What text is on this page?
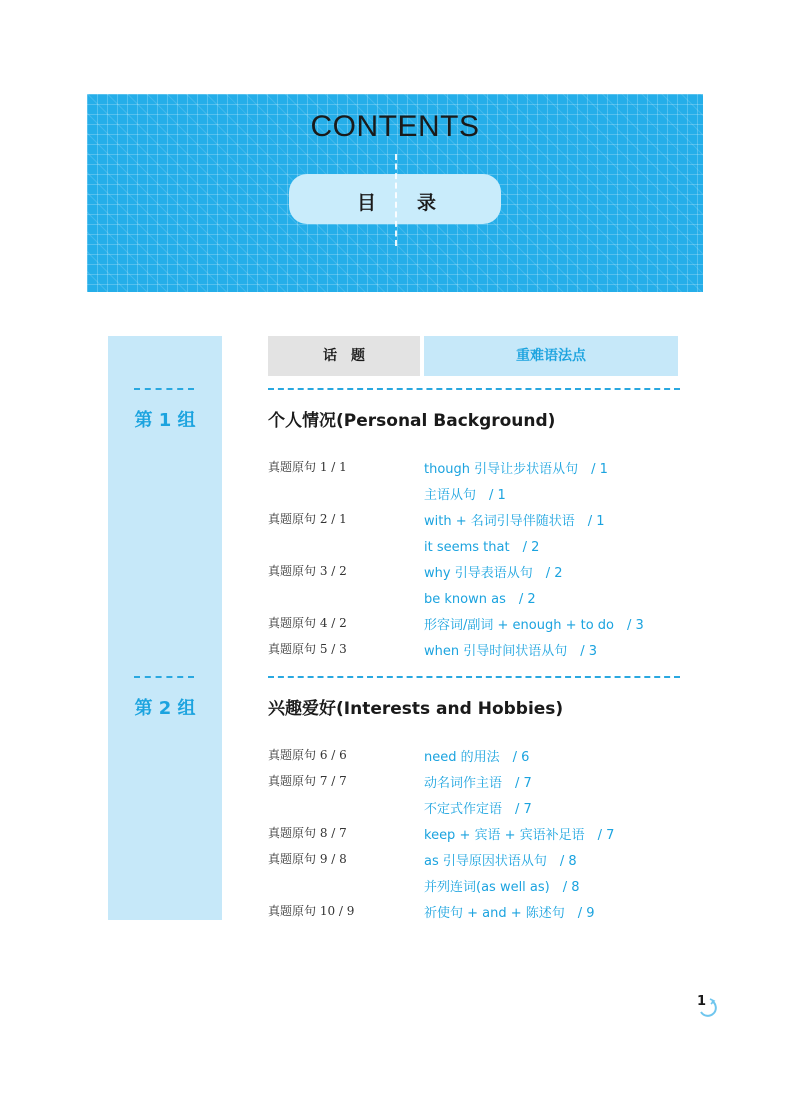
CONTENTS
目 录
第 1 组
第 2 组
话　题	重难语法点
个人情况(Personal Background)
真题原句 1 / 1	though 引导让步状语从句　/ 1
主语从句　/ 1
真题原句 2 / 1	with + 名词引导伴随状语　/ 1
it seems that　/ 2
真题原句 3 / 2	why 引导表语从句　/ 2
be known as　/ 2
真题原句 4 / 2	形容词/副词 + enough + to do　/ 3
真题原句 5 / 3	when 引导时间状语从句　/ 3
兴趣爱好(Interests and Hobbies)
真题原句 6 / 6	need 的用法　/ 6
真题原句 7 / 7	动名词作主语　/ 7
不定式作定语　/ 7
真题原句 8 / 7	keep + 宾语 + 宾语补足语　/ 7
真题原句 9 / 8	as 引导原因状语从句　/ 8
并列连词(as well as)　/ 8
真题原句 10 / 9	祈使句 + and + 陈述句　/ 9
1
